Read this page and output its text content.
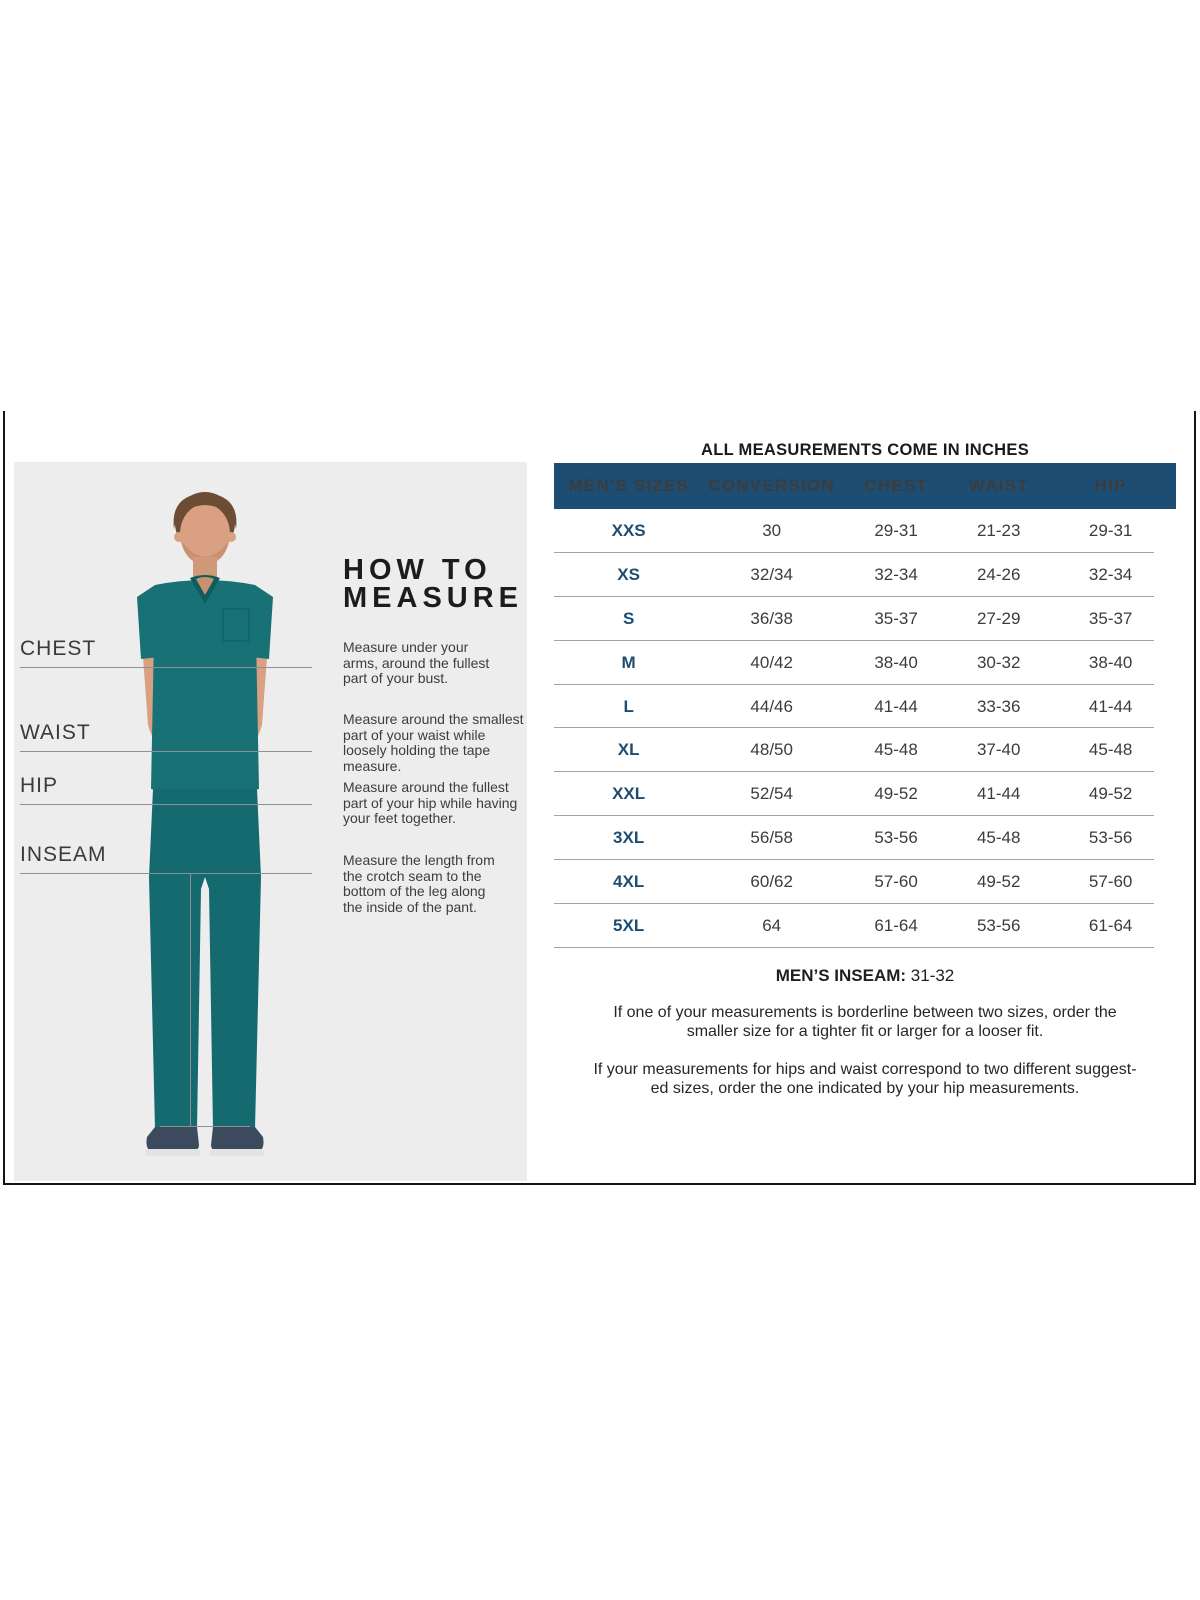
CHEST
WAIST
HIP
INSEAM
HOW TO
MEASURE
Measure under your
arms, around the fullest
part of your bust.
Measure around the smallest
part of your waist while
loosely holding the tape
measure.
Measure around the fullest
part of your hip while having
your feet together.
Measure the length from
the crotch seam to the
bottom of the leg along
the inside of the pant.
ALL MEASUREMENTS COME IN INCHES
MEN’S SIZES	CONVERSION	CHEST	WAIST	HIP
XXS	30	29-31	21-23	29-31
XS	32/34	32-34	24-26	32-34
S	36/38	35-37	27-29	35-37
M	40/42	38-40	30-32	38-40
L	44/46	41-44	33-36	41-44
XL	48/50	45-48	37-40	45-48
XXL	52/54	49-52	41-44	49-52
3XL	56/58	53-56	45-48	53-56
4XL	60/62	57-60	49-52	57-60
5XL	64	61-64	53-56	61-64
MEN’S INSEAM: 31-32
If one of your measurements is borderline between two sizes, order the
smaller size for a tighter fit or larger for a looser fit.
If your measurements for hips and waist correspond to two different suggest-
ed sizes, order the one indicated by your hip measurements.
